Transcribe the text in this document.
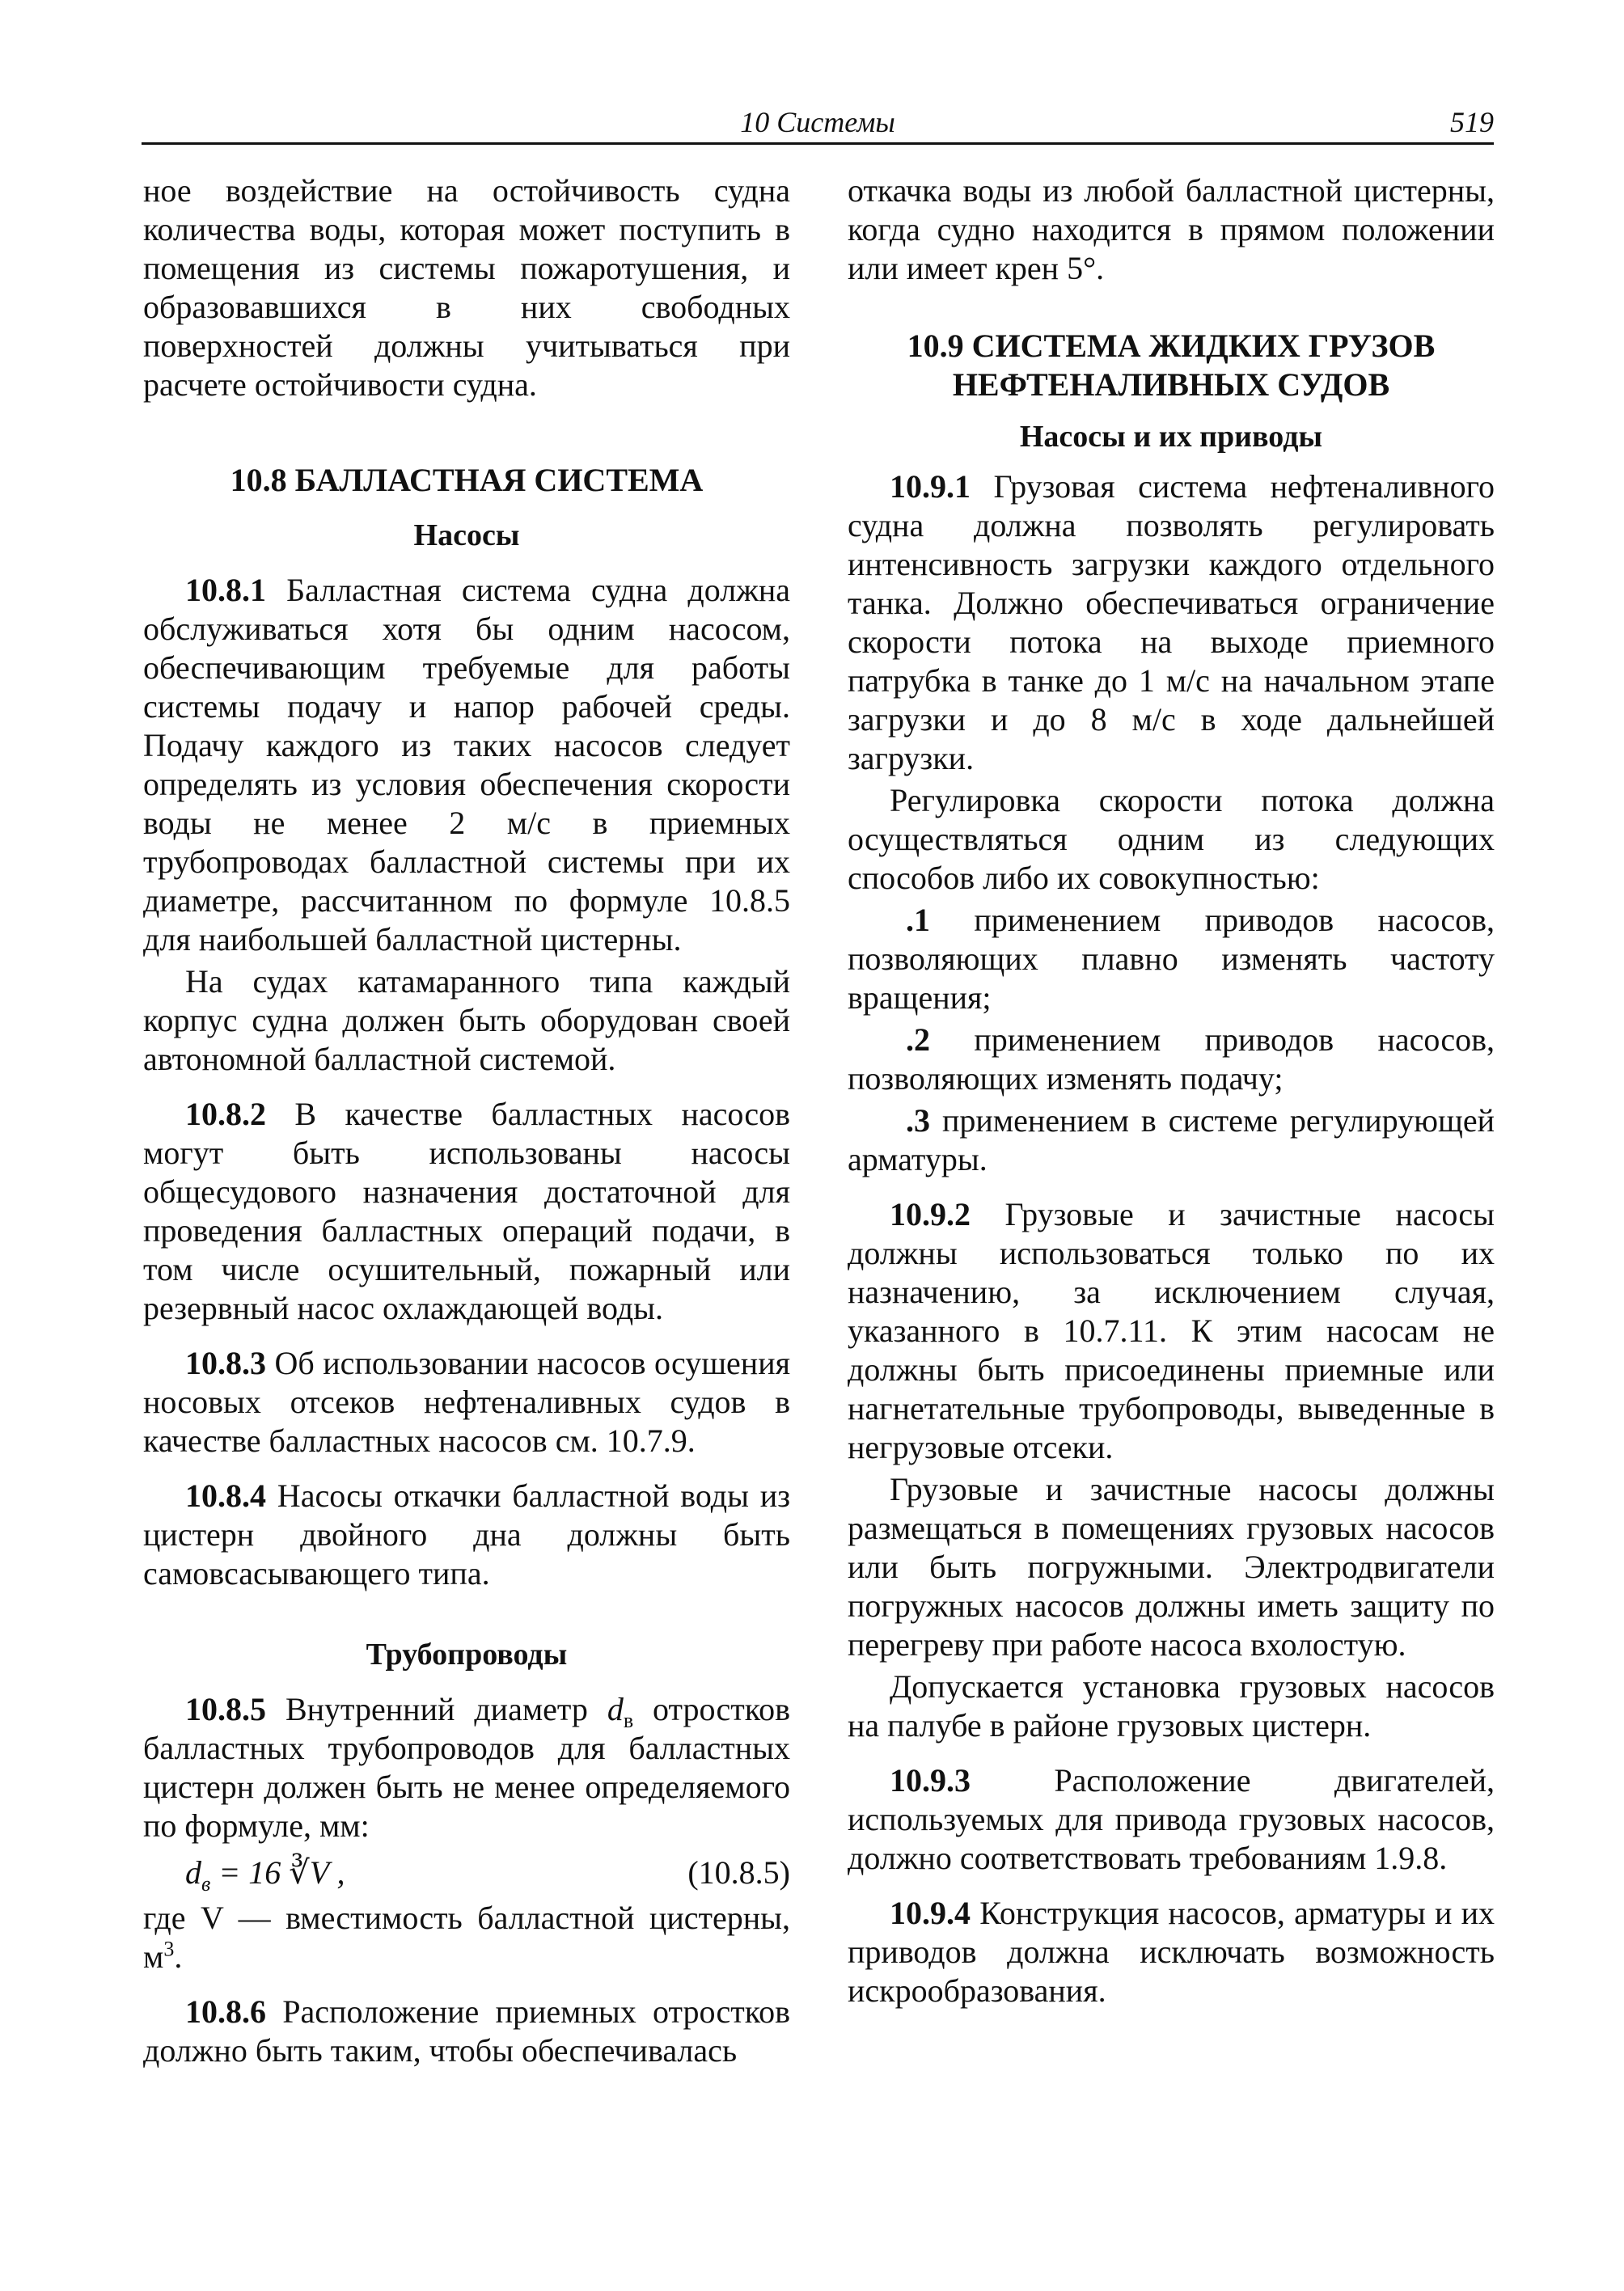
10 Системы	519

ное воздействие на остойчивость судна количества воды, которая может поступить в помещения из системы пожаротушения, и образовавшихся в них свободных поверхностей должны учитываться при расчете остойчивости судна.

10.8 БАЛЛАСТНАЯ СИСТЕМА
Насосы

10.8.1 Балластная система судна должна обслуживаться хотя бы одним насосом, обеспечивающим требуемые для работы системы подачу и напор рабочей среды. Подачу каждого из таких насосов следует определять из условия обеспечения скорости воды не менее 2 м/с в приемных трубопроводах балластной системы при их диаметре, рассчитанном по формуле 10.8.5 для наибольшей балластной цистерны.

На судах катамаранного типа каждый корпус судна должен быть оборудован своей автономной балластной системой.

10.8.2 В качестве балластных насосов могут быть использованы насосы общесудового назначения достаточной для проведения балластных операций подачи, в том числе осушительный, пожарный или резервный насос охлаждающей воды.

10.8.3 Об использовании насосов осушения носовых отсеков нефтеналивных судов в качестве балластных насосов см. 10.7.9.

10.8.4 Насосы откачки балластной воды из цистерн двойного дна должны быть самовсасывающего типа.

Трубопроводы

10.8.5 Внутренний диаметр $d_в$ отростков балластных трубопроводов для балластных цистерн должен быть не менее определяемого по формуле, мм:

$d_в = 16$ ∛V ,	(10.8.5)

где V — вместимость балластной цистерны, $м^3$.

10.8.6 Расположение приемных отростков должно быть таким, чтобы обеспечивалась

откачка воды из любой балластной цистерны, когда судно находится в прямом положении или имеет крен 5°.

10.9 СИСТЕМА ЖИДКИХ ГРУЗОВ
НЕФТЕНАЛИВНЫХ СУДОВ
Насосы и их приводы

10.9.1 Грузовая система нефтеналивного судна должна позволять регулировать интенсивность загрузки каждого отдельного танка. Должно обеспечиваться ограничение скорости потока на выходе приемного патрубка в танке до 1 м/с на начальном этапе загрузки и до 8 м/с в ходе дальнейшей загрузки.

Регулировка скорости потока должна осуществляться одним из следующих способов либо их совокупностью:

.1 применением приводов насосов, позволяющих плавно изменять частоту вращения;

.2 применением приводов насосов, позволяющих изменять подачу;

.3 применением в системе регулирующей арматуры.

10.9.2 Грузовые и зачистные насосы должны использоваться только по их назначению, за исключением случая, указанного в 10.7.11. К этим насосам не должны быть присоединены приемные или нагнетательные трубопроводы, выведенные в негрузовые отсеки.

Грузовые и зачистные насосы должны размещаться в помещениях грузовых насосов или быть погружными. Электродвигатели погружных насосов должны иметь защиту по перегреву при работе насоса вхолостую.

Допускается установка грузовых насосов на палубе в районе грузовых цистерн.

10.9.3 Расположение двигателей, используемых для привода грузовых насосов, должно соответствовать требованиям 1.9.8.

10.9.4 Конструкция насосов, арматуры и их приводов должна исключать возможность искрообразования.
